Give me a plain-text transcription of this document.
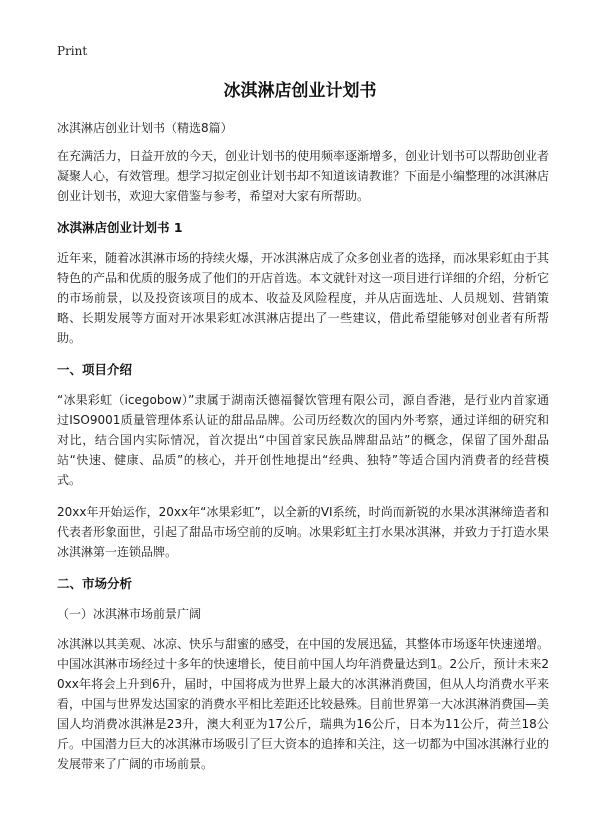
Print
冰淇淋店创业计划书

冰淇淋店创业计划书（精选8篇）

在充满活力，日益开放的今天，创业计划书的使用频率逐渐增多，创业计划书可以帮助创业者凝聚人心，有效管理。想学习拟定创业计划书却不知道该请教谁？下面是小编整理的冰淇淋店创业计划书，欢迎大家借鉴与参考，希望对大家有所帮助。

冰淇淋店创业计划书 1

近年来，随着冰淇淋市场的持续火爆，开冰淇淋店成了众多创业者的选择，而冰果彩虹由于其特色的产品和优质的服务成了他们的开店首选。本文就针对这一项目进行详细的介绍，分析它的市场前景，以及投资该项目的成本、收益及风险程度，并从店面选址、人员规划、营销策略、长期发展等方面对开冰果彩虹冰淇淋店提出了一些建议，借此希望能够对创业者有所帮助。

一、项目介绍

“冰果彩虹（icegobow）”隶属于湖南沃德福餐饮管理有限公司，源自香港，是行业内首家通过ISO9001质量管理体系认证的甜品品牌。公司历经数次的国内外考察，通过详细的研究和对比，结合国内实际情况，首次提出“中国首家民族品牌甜品站”的概念，保留了国外甜品站“快速、健康、品质”的核心，并开创性地提出“经典、独特”等适合国内消费者的经营模式。

20xx年开始运作，20xx年“冰果彩虹”，以全新的VI系统，时尚而新锐的水果冰淇淋缔造者和代表者形象面世，引起了甜品市场空前的反响。冰果彩虹主打水果冰淇淋，并致力于打造水果冰淇淋第一连锁品牌。

二、市场分析

（一）冰淇淋市场前景广阔

冰淇淋以其美观、冰凉、快乐与甜蜜的感受，在中国的发展迅猛，其整体市场逐年快速递增。中国冰淇淋市场经过十多年的快速增长，使目前中国人均年消费量达到1。2公斤，预计未来20xx年将会上升到6升，届时，中国将成为世界上最大的冰淇淋消费国，但从人均消费水平来看，中国与世界发达国家的消费水平相比差距还比较悬殊。目前世界第一大冰淇淋消费国—美国人均消费冰淇淋是23升，澳大利亚为17公斤，瑞典为16公斤，日本为11公斤，荷兰18公斤。中国潜力巨大的冰淇淋市场吸引了巨大资本的追捧和关注，这一切都为中国冰淇淋行业的发展带来了广阔的市场前景。
